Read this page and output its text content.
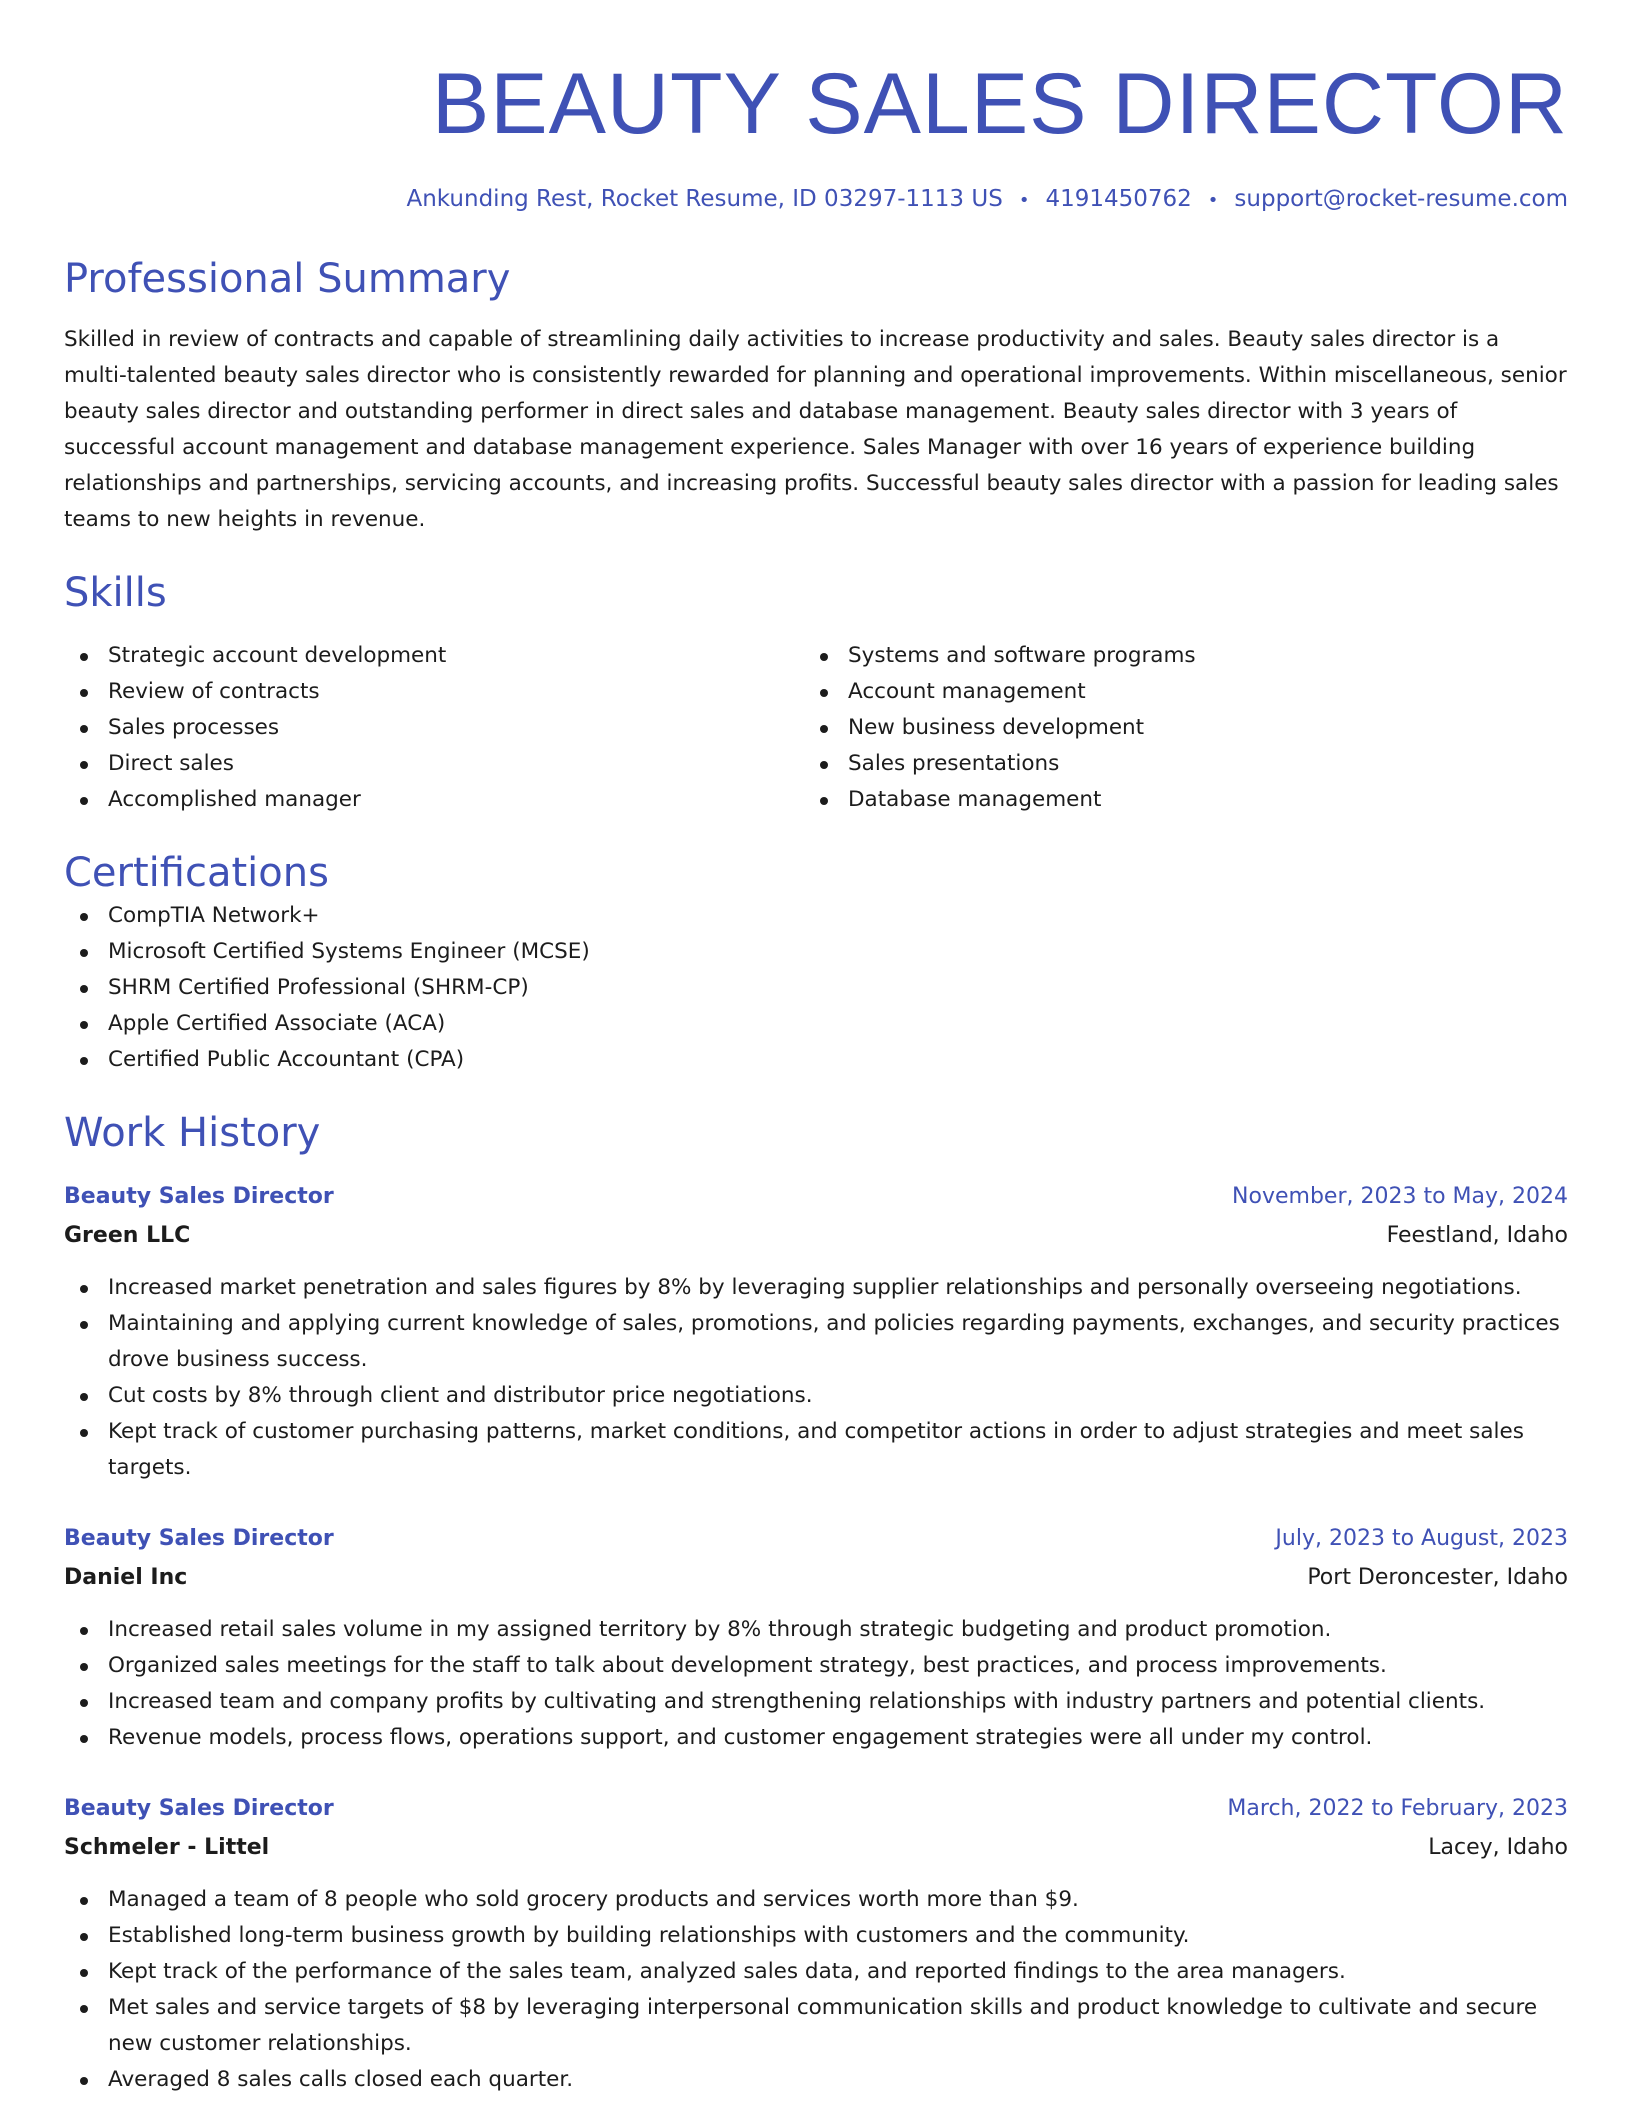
BEAUTY SALES DIRECTOR
Ankunding Rest, Rocket Resume, ID 03297-1113 US • 4191450762 • support@rocket-resume.com
Professional Summary
Skilled in review of contracts and capable of streamlining daily activities to increase productivity and sales. Beauty sales director is a multi-talented beauty sales director who is consistently rewarded for planning and operational improvements. Within miscellaneous, senior beauty sales director and outstanding performer in direct sales and database management. Beauty sales director with 3 years of successful account management and database management experience. Sales Manager with over 16 years of experience building relationships and partnerships, servicing accounts, and increasing profits. Successful beauty sales director with a passion for leading sales teams to new heights in revenue.
Skills
Strategic account development
Review of contracts
Sales processes
Direct sales
Accomplished manager
Systems and software programs
Account management
New business development
Sales presentations
Database management
Certifications
CompTIA Network+
Microsoft Certified Systems Engineer (MCSE)
SHRM Certified Professional (SHRM-CP)
Apple Certified Associate (ACA)
Certified Public Accountant (CPA)
Work History
Beauty Sales Director	November, 2023 to May, 2024
Green LLC	Feestland, Idaho
Increased market penetration and sales figures by 8% by leveraging supplier relationships and personally overseeing negotiations.
Maintaining and applying current knowledge of sales, promotions, and policies regarding payments, exchanges, and security practices drove business success.
Cut costs by 8% through client and distributor price negotiations.
Kept track of customer purchasing patterns, market conditions, and competitor actions in order to adjust strategies and meet sales targets.
Beauty Sales Director	July, 2023 to August, 2023
Daniel Inc	Port Deroncester, Idaho
Increased retail sales volume in my assigned territory by 8% through strategic budgeting and product promotion.
Organized sales meetings for the staff to talk about development strategy, best practices, and process improvements.
Increased team and company profits by cultivating and strengthening relationships with industry partners and potential clients.
Revenue models, process flows, operations support, and customer engagement strategies were all under my control.
Beauty Sales Director	March, 2022 to February, 2023
Schmeler - Littel	Lacey, Idaho
Managed a team of 8 people who sold grocery products and services worth more than $9.
Established long-term business growth by building relationships with customers and the community.
Kept track of the performance of the sales team, analyzed sales data, and reported findings to the area managers.
Met sales and service targets of $8 by leveraging interpersonal communication skills and product knowledge to cultivate and secure new customer relationships.
Averaged 8 sales calls closed each quarter.
